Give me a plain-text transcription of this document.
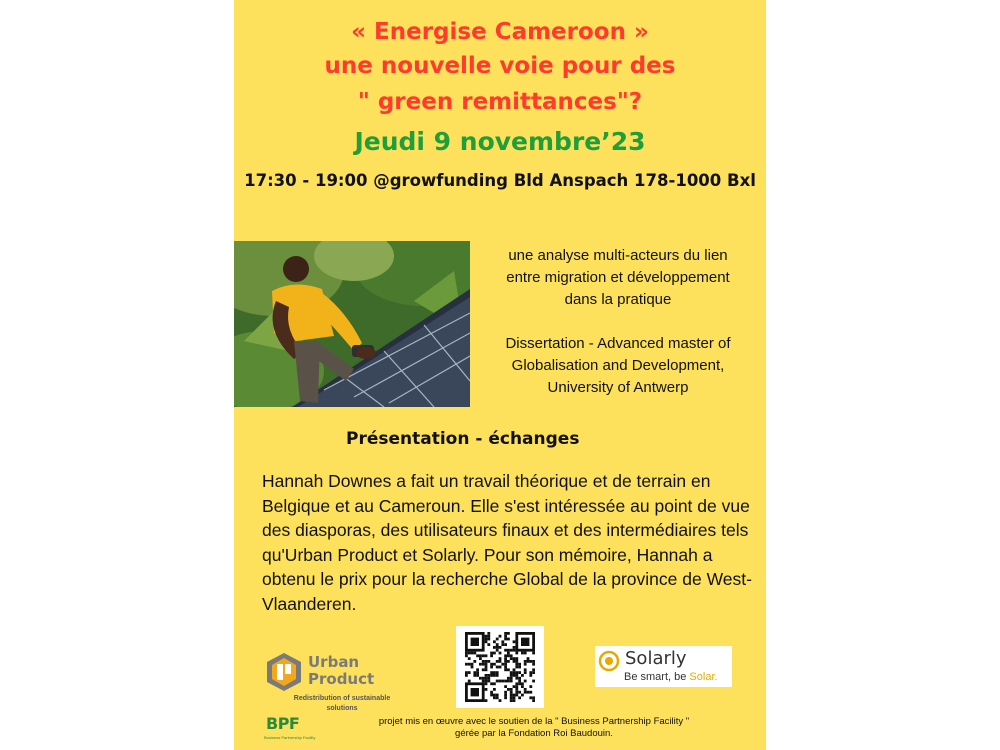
« Energise Cameroon »
une nouvelle voie pour des
" green remittances"?
Jeudi 9 novembre’23
17:30 - 19:00 @growfunding Bld Anspach 178-1000 Bxl

une analyse multi-acteurs du lien

entre migration et développement

dans la pratique

Dissertation - Advanced master of

Globalisation and Development,

University of Antwerp

Présentation - échanges
Hannah Downes a fait un travail théorique et de terrain en Belgique et au Cameroun. Elle s'est intéressée au point de vue des diasporas, des utilisateurs finaux et des intermédiaires tels qu'Urban Product et Solarly. Pour son mémoire, Hannah a obtenu le prix pour la recherche Global de la province de West-Vlaanderen.
Urban
Product
Redistribution of sustainable solutions
Solarly
Be smart, be Solar.
BPF
Business Partnership Facility

projet mis en œuvre avec le soutien de la " Business Partnership Facility "

gérée par la Fondation Roi Baudouin.
